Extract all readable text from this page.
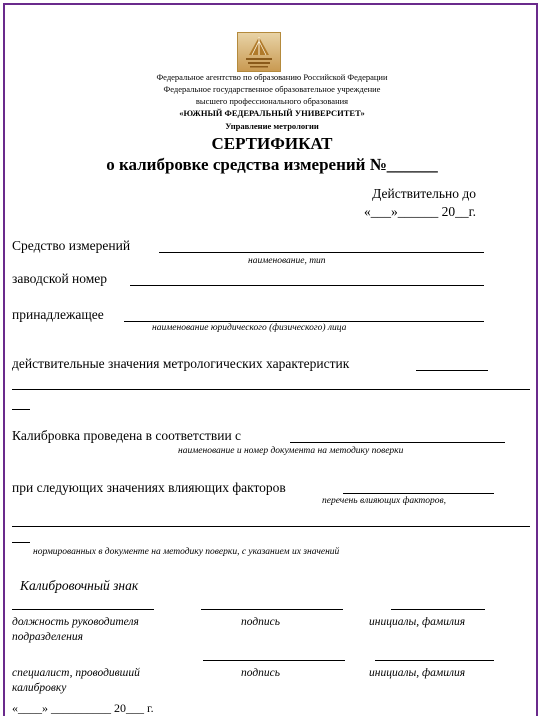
Федеральное агентство по образованию Российской Федерации
Федеральное государственное образовательное учреждение
высшего профессионального образования
«ЮЖНЫЙ ФЕДЕРАЛЬНЫЙ УНИВЕРСИТЕТ»
Управление метрологии
СЕРТИФИКАТ
о калибровке средства измерений №______
Действительно до
«___»______ 20__г.
Средство измерений
наименование, тип
заводской номер
принадлежащее
наименование юридического (физического) лица
действительные значения метрологических характеристик
Калибровка проведена в соответствии с
наименование и номер документа на методику поверки
при следующих значениях влияющих факторов
перечень влияющих факторов,
нормированных в документе на методику поверки, с указанием их значений
Калибровочный знак
должность руководителя
подразделения
подпись	инициалы, фамилия
специалист, проводивший
калибровку
подпись	инициалы, фамилия
«____» __________ 20___ г.
